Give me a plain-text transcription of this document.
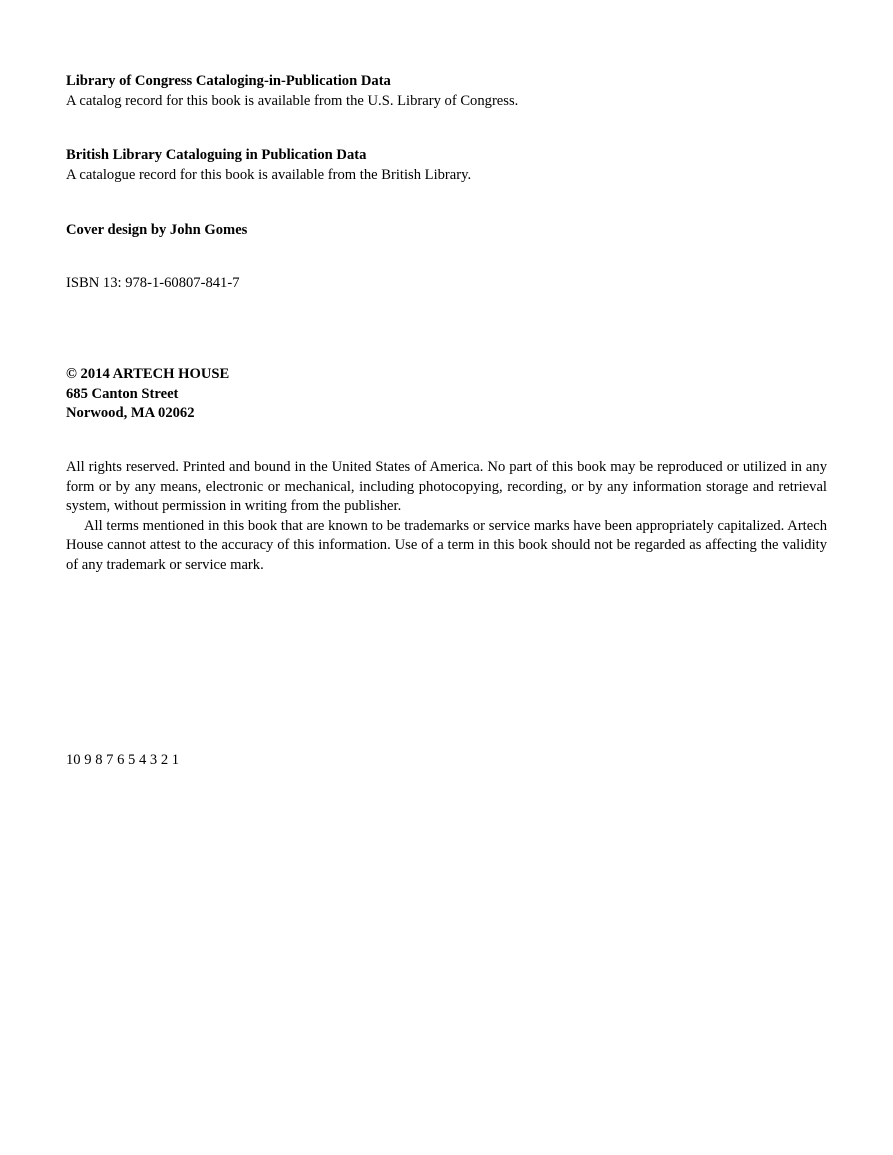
Library of Congress Cataloging-in-Publication Data
A catalog record for this book is available from the U.S. Library of Congress.
British Library Cataloguing in Publication Data
A catalogue record for this book is available from the British Library.
Cover design by John Gomes
ISBN 13: 978-1-60807-841-7
© 2014 ARTECH HOUSE
685 Canton Street
Norwood, MA 02062

All rights reserved. Printed and bound in the United States of America. No part of this book may be reproduced or utilized in any form or by any means, electronic or mechanical, including photocopying, recording, or by any information storage and retrieval system, without permission in writing from the publisher.

All terms mentioned in this book that are known to be trademarks or service marks have been appropriately capitalized. Artech House cannot attest to the accuracy of this information. Use of a term in this book should not be regarded as affecting the validity of any trademark or service mark.

10 9 8 7 6 5 4 3 2 1
